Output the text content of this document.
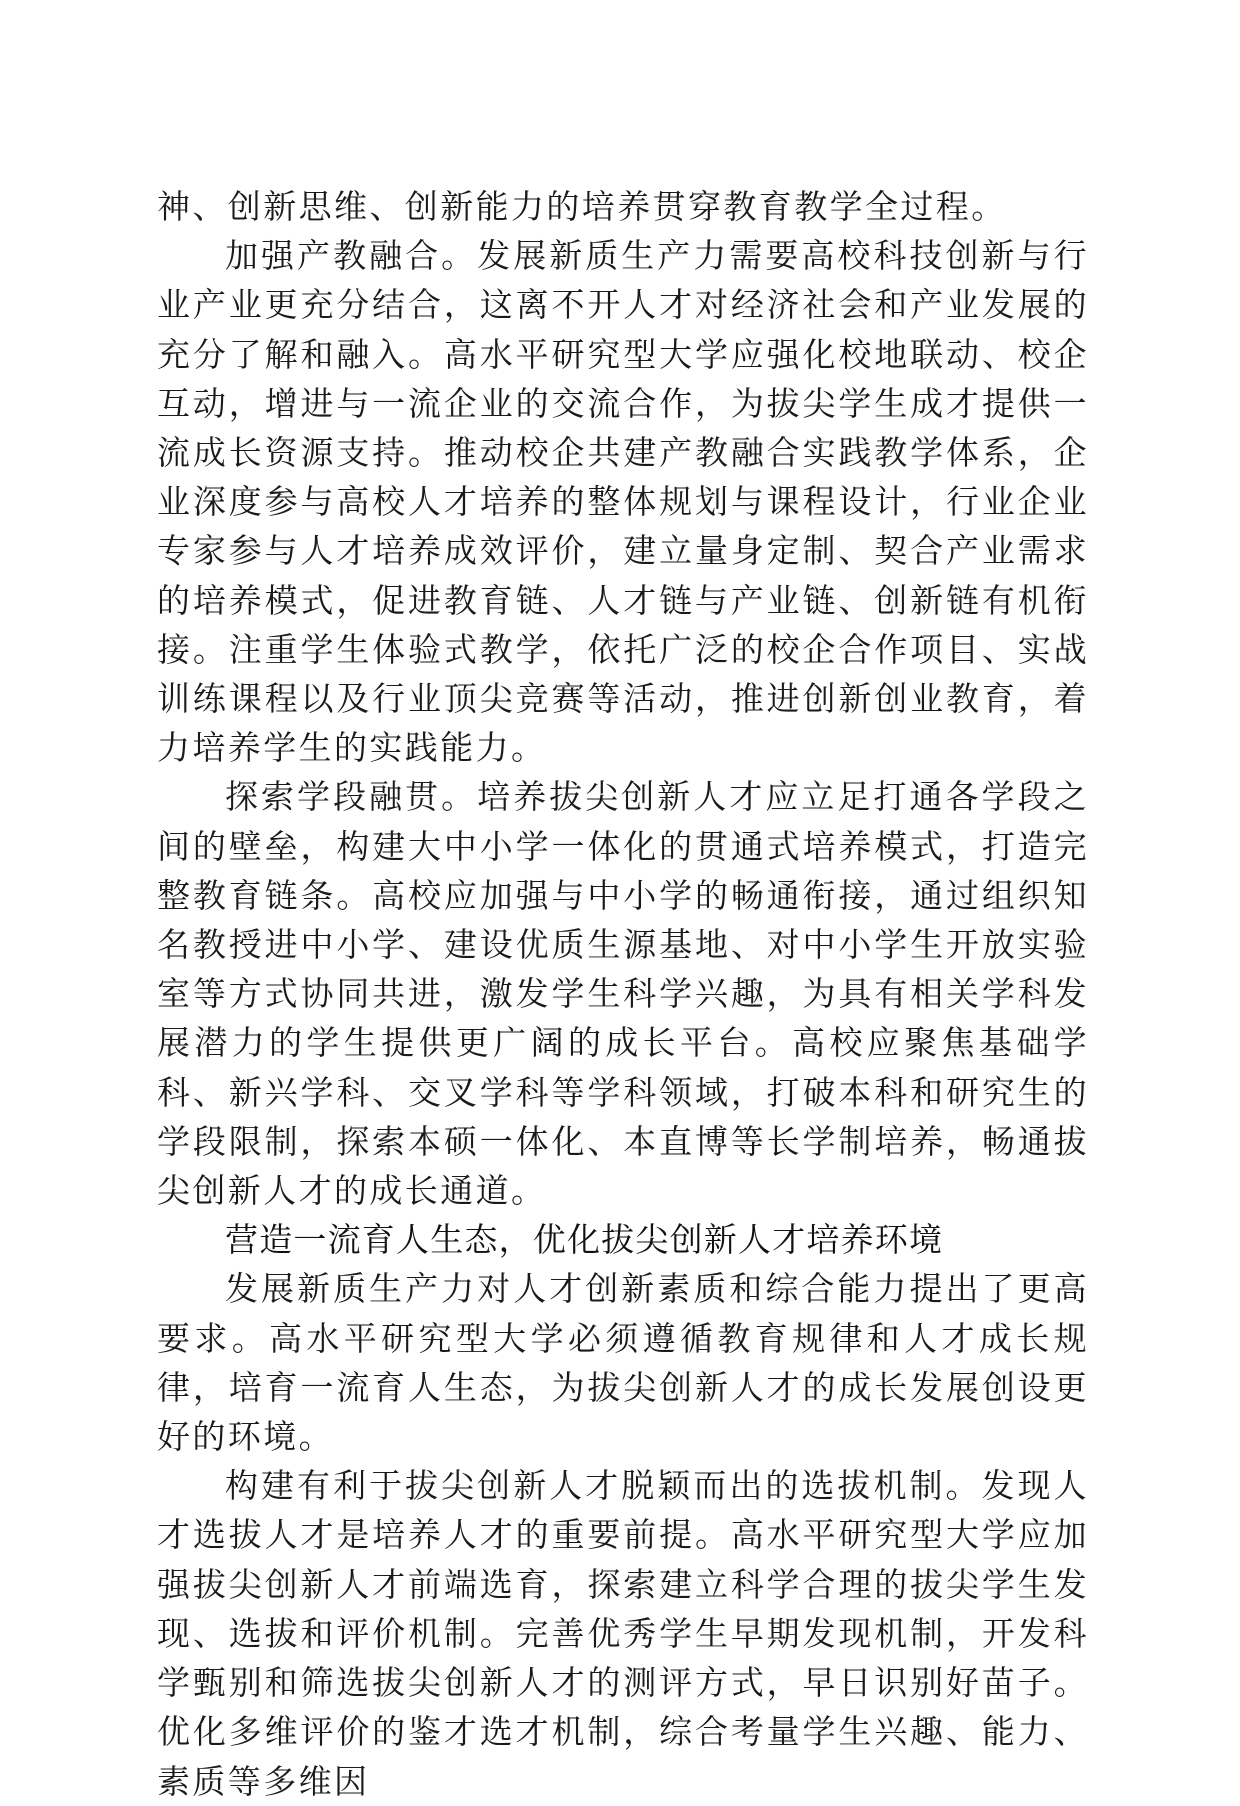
神、创新思维、创新能力的培养贯穿教育教学全过程。

加强产教融合。发展新质生产力需要高校科技创新与行业产业更充分结合，这离不开人才对经济社会和产业发展的充分了解和融入。高水平研究型大学应强化校地联动、校企互动，增进与一流企业的交流合作，为拔尖学生成才提供一流成长资源支持。推动校企共建产教融合实践教学体系，企业深度参与高校人才培养的整体规划与课程设计，行业企业专家参与人才培养成效评价，建立量身定制、契合产业需求的培养模式，促进教育链、人才链与产业链、创新链有机衔接。注重学生体验式教学，依托广泛的校企合作项目、实战训练课程以及行业顶尖竞赛等活动，推进创新创业教育，着力培养学生的实践能力。

探索学段融贯。培养拔尖创新人才应立足打通各学段之间的壁垒，构建大中小学一体化的贯通式培养模式，打造完整教育链条。高校应加强与中小学的畅通衔接，通过组织知名教授进中小学、建设优质生源基地、对中小学生开放实验室等方式协同共进，激发学生科学兴趣，为具有相关学科发展潜力的学生提供更广阔的成长平台。高校应聚焦基础学科、新兴学科、交叉学科等学科领域，打破本科和研究生的学段限制，探索本硕一体化、本直博等长学制培养，畅通拔尖创新人才的成长通道。

营造一流育人生态，优化拔尖创新人才培养环境

发展新质生产力对人才创新素质和综合能力提出了更高要求。高水平研究型大学必须遵循教育规律和人才成长规律，培育一流育人生态，为拔尖创新人才的成长发展创设更好的环境。

构建有利于拔尖创新人才脱颖而出的选拔机制。发现人才选拔人才是培养人才的重要前提。高水平研究型大学应加强拔尖创新人才前端选育，探索建立科学合理的拔尖学生发现、选拔和评价机制。完善优秀学生早期发现机制，开发科学甄别和筛选拔尖创新人才的测评方式，早日识别好苗子。优化多维评价的鉴才选才机制，综合考量学生兴趣、能力、素质等多维因
